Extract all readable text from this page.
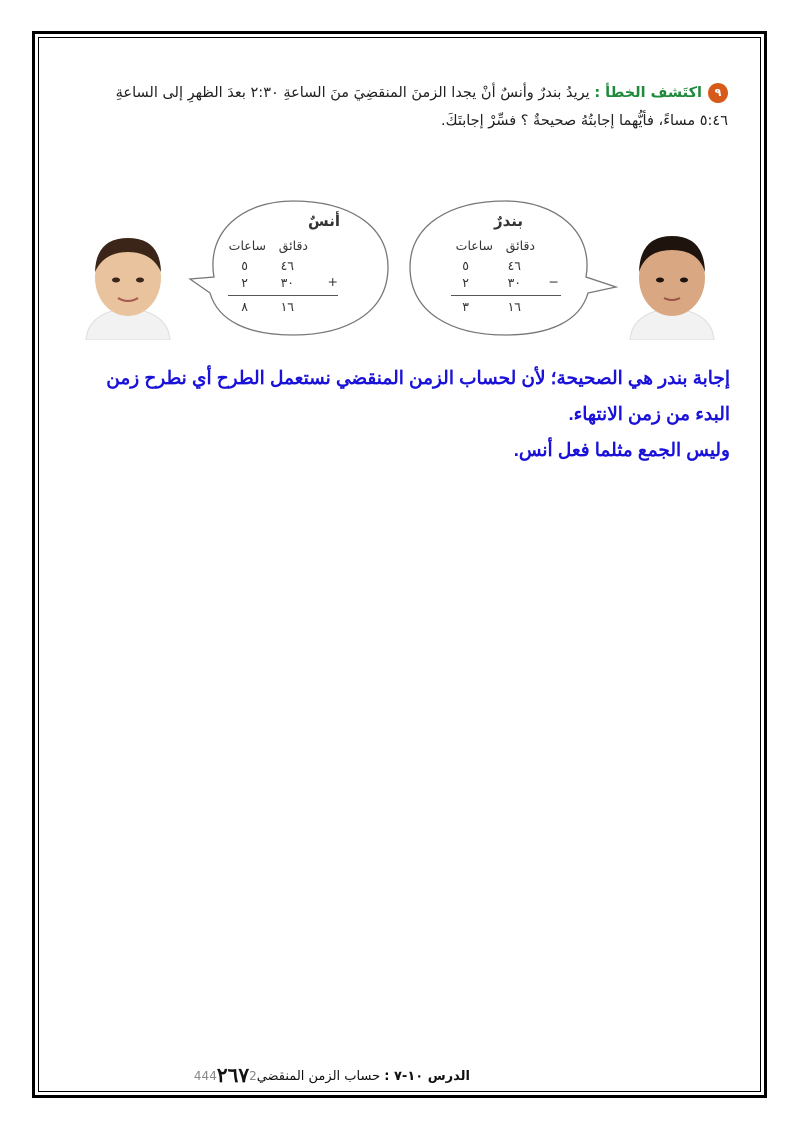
٩اكتَشف الخطأ : يريدُ بندرٌ وأنسٌ أنْ يجدا الزمنَ المنقضِيَ منَ الساعةِ ٢:٣٠ بعدَ الظهرِ إلى الساعةِ ٥:٤٦ مساءً، فأيُّهما إجابتُهُ صحيحةٌ ؟ فسِّرْ إجابتَكَ.
أنسٌ
دقائق
ساعات
٤٦
٥
٣٠
٢	+
١٦
٨
بندرٌ
دقائق
ساعات
٤٦
٥
٣٠
٢	−
١٦
٣

إجابة بندر هي الصحيحة؛ لأن لحساب الزمن المنقضي نستعمل الطرح أي نطرح زمن

البدء من زمن الانتهاء.

وليس الجمع مثلما فعل أنس.

الدرس ١٠-٧ : حساب الزمن المنقضي444٢٦٧2
